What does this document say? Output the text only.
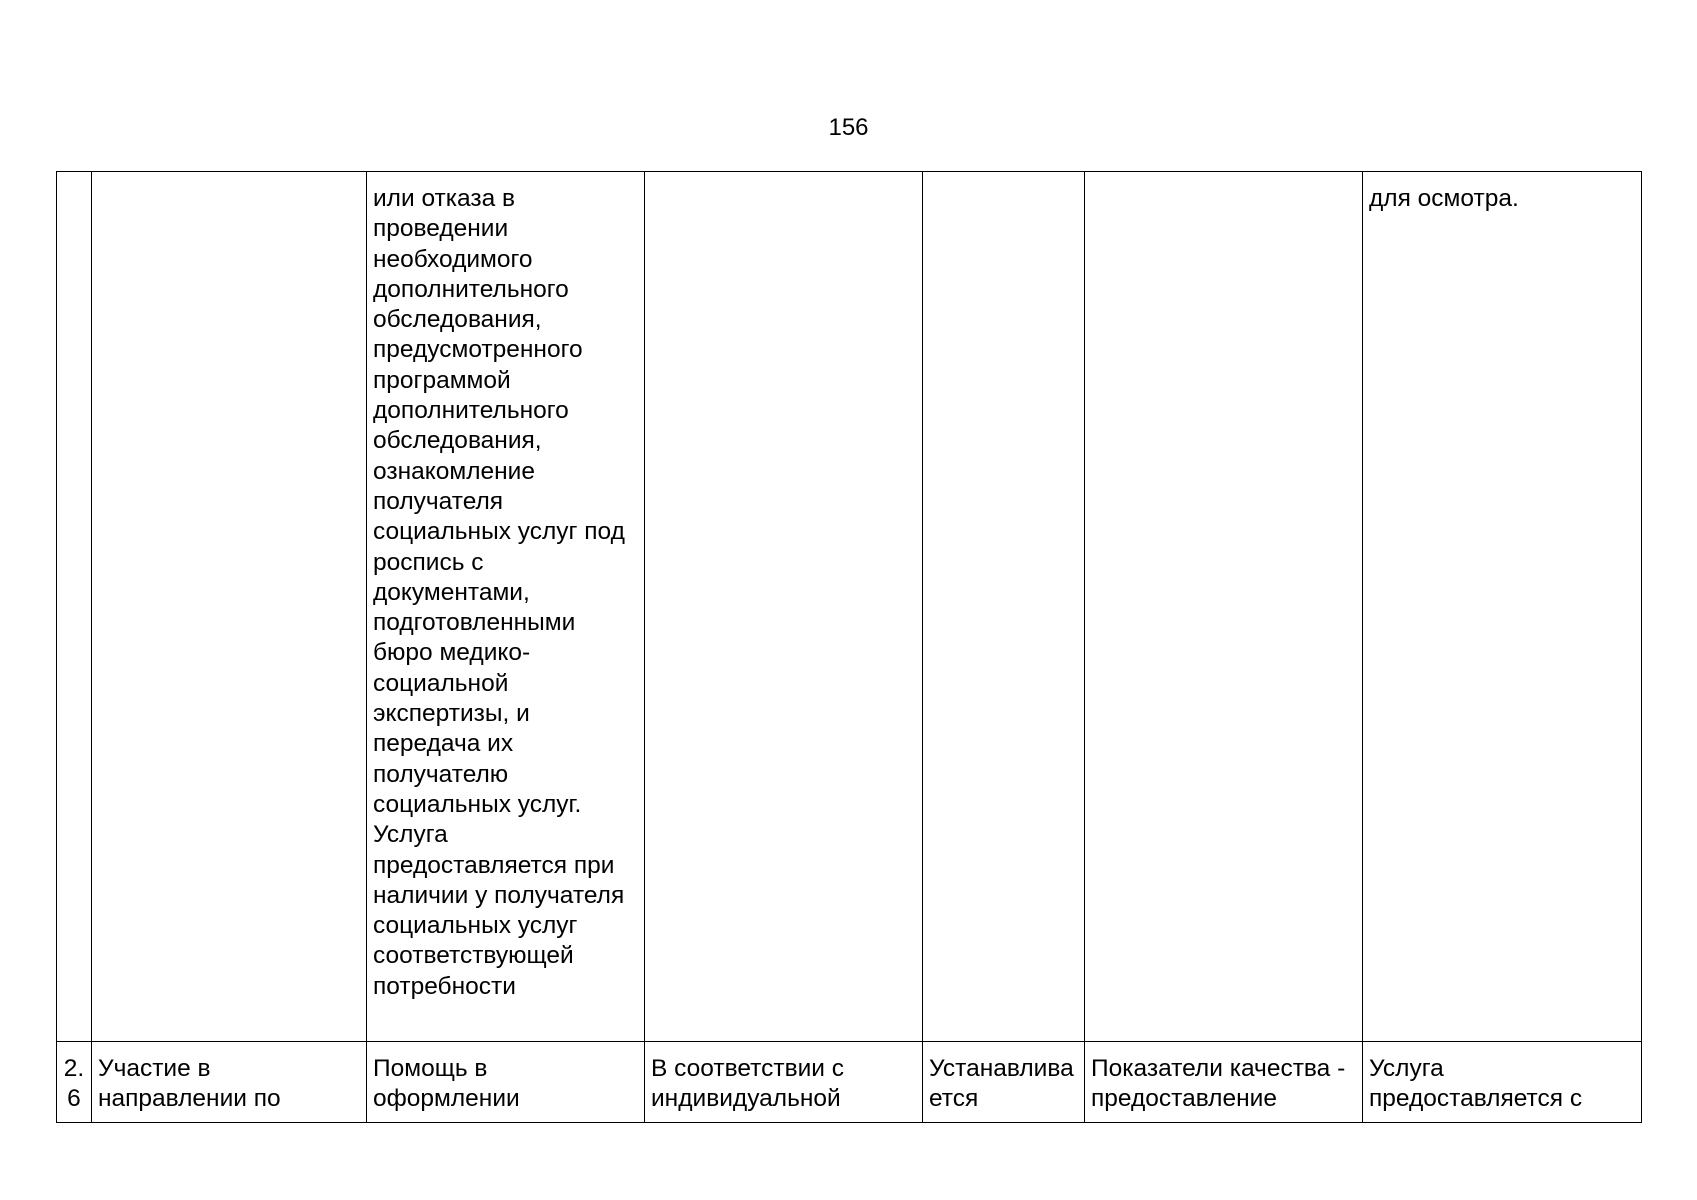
156
		или отказа в проведении необходимого дополнительного обследования, предусмотренного программой дополнительного обследования, ознакомление получателя социальных услуг под роспись с документами, подготовленными бюро медико-социальной экспертизы, и передача их получателю социальных услуг. Услуга предоставляется при наличии у получателя социальных услуг соответствующей потребности				для осмотра.
2.6	Участие в направлении по	Помощь в оформлении	В соответствии с индивидуальной	Устанавливается	Показатели качества - предоставление	Услуга предоставляется с
